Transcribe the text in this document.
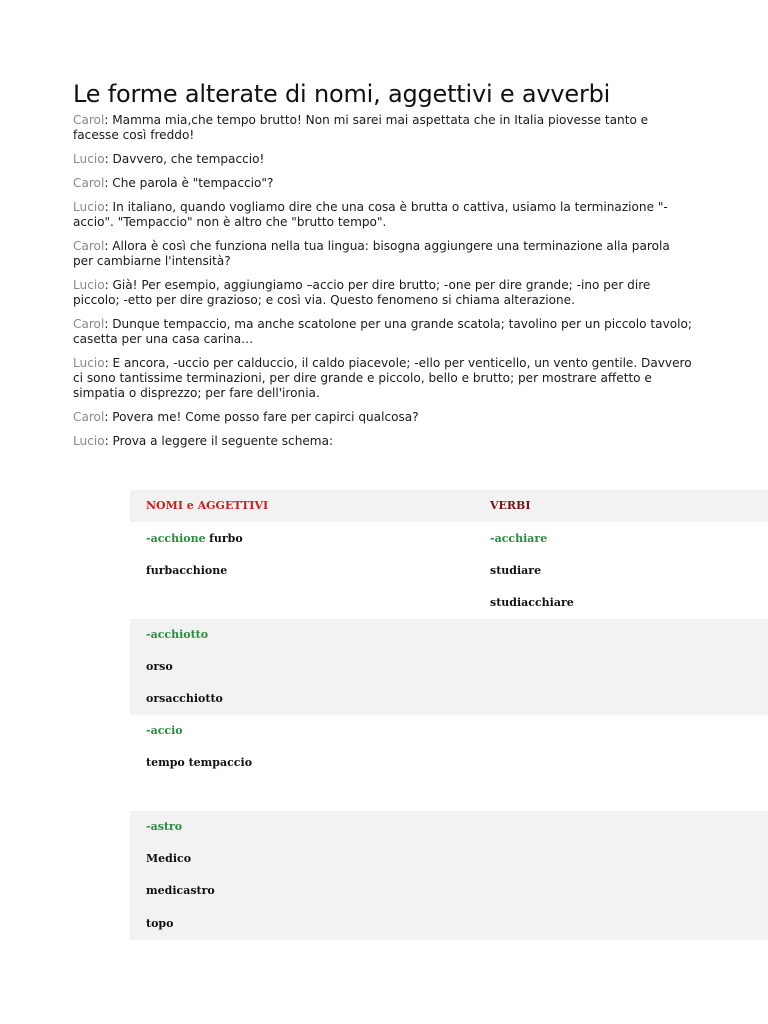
Le forme alterate di nomi, aggettivi e avverbi

Carol: Mamma mia,che tempo brutto! Non mi sarei mai aspettata che in Italia piovesse tanto e facesse così freddo!

Lucio: Davvero, che tempaccio!

Carol: Che parola è "tempaccio"?

Lucio: In italiano, quando vogliamo dire che una cosa è brutta o cattiva, usiamo la terminazione "-accio". "Tempaccio" non è altro che "brutto tempo".

Carol: Allora è così che funziona nella tua lingua: bisogna aggiungere una terminazione alla parola per cambiarne l'intensità?

Lucio: Già! Per esempio, aggiungiamo –accio per dire brutto; -one per dire grande; -ino per dire piccolo; -etto per dire grazioso; e così via. Questo fenomeno si chiama alterazione.

Carol: Dunque tempaccio, ma anche scatolone per una grande scatola; tavolino per un piccolo tavolo; casetta per una casa carina…

Lucio: E ancora, -uccio per calduccio, il caldo piacevole; -ello per venticello, un vento gentile. Davvero ci sono tantissime terminazioni, per dire grande e piccolo, bello e brutto; per mostrare affetto e simpatia o disprezzo; per fare dell'ironia.

Carol: Povera me! Come posso fare per capirci qualcosa?

Lucio: Prova a leggere il seguente schema:

NOMI e AGGETTIVI	VERBI
-acchione furbo	-acchiare
furbacchione	studiare
	studiacchiare
-acchiotto	
orso	
orsacchiotto	
-accio	
tempo tempaccio	

-astro	
Medico	
medicastro	
topo	
